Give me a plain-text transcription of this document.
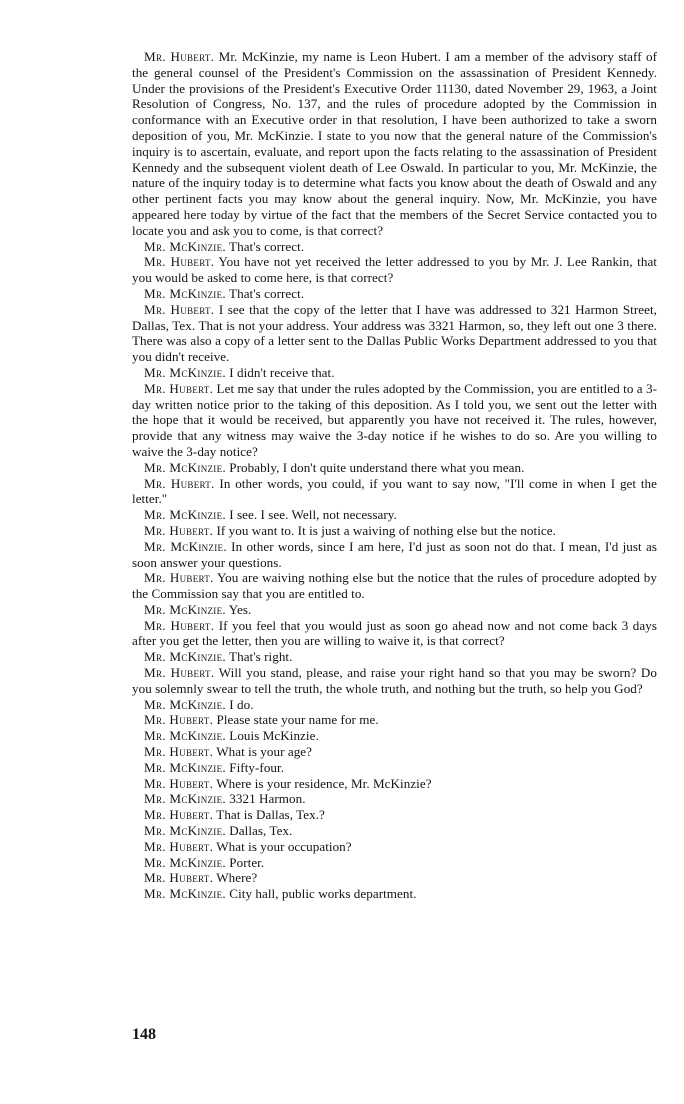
Mr. Hubert. Mr. McKinzie, my name is Leon Hubert. I am a member of the advisory staff of the general counsel of the President's Commission on the assassination of President Kennedy. Under the provisions of the President's Executive Order 11130, dated November 29, 1963, a Joint Resolution of Congress, No. 137, and the rules of procedure adopted by the Commission in conformance with an Executive order in that resolution, I have been authorized to take a sworn deposition of you, Mr. McKinzie. I state to you now that the general nature of the Commission's inquiry is to ascertain, evaluate, and report upon the facts relating to the assassination of President Kennedy and the subsequent violent death of Lee Oswald. In particular to you, Mr. McKinzie, the nature of the inquiry today is to determine what facts you know about the death of Oswald and any other pertinent facts you may know about the general inquiry. Now, Mr. McKinzie, you have appeared here today by virtue of the fact that the members of the Secret Service contacted you to locate you and ask you to come, is that correct?

Mr. McKinzie. That's correct.

Mr. Hubert. You have not yet received the letter addressed to you by Mr. J. Lee Rankin, that you would be asked to come here, is that correct?

Mr. McKinzie. That's correct.

Mr. Hubert. I see that the copy of the letter that I have was addressed to 321 Harmon Street, Dallas, Tex. That is not your address. Your address was 3321 Harmon, so, they left out one 3 there. There was also a copy of a letter sent to the Dallas Public Works Department addressed to you that you didn't receive.

Mr. McKinzie. I didn't receive that.

Mr. Hubert. Let me say that under the rules adopted by the Commission, you are entitled to a 3-day written notice prior to the taking of this deposition. As I told you, we sent out the letter with the hope that it would be received, but apparently you have not received it. The rules, however, provide that any witness may waive the 3-day notice if he wishes to do so. Are you willing to waive the 3-day notice?

Mr. McKinzie. Probably, I don't quite understand there what you mean.

Mr. Hubert. In other words, you could, if you want to say now, "I'll come in when I get the letter."

Mr. McKinzie. I see. I see. Well, not necessary.

Mr. Hubert. If you want to. It is just a waiving of nothing else but the notice.

Mr. McKinzie. In other words, since I am here, I'd just as soon not do that. I mean, I'd just as soon answer your questions.

Mr. Hubert. You are waiving nothing else but the notice that the rules of procedure adopted by the Commission say that you are entitled to.

Mr. McKinzie. Yes.

Mr. Hubert. If you feel that you would just as soon go ahead now and not come back 3 days after you get the letter, then you are willing to waive it, is that correct?

Mr. McKinzie. That's right.

Mr. Hubert. Will you stand, please, and raise your right hand so that you may be sworn? Do you solemnly swear to tell the truth, the whole truth, and nothing but the truth, so help you God?

Mr. McKinzie. I do.

Mr. Hubert. Please state your name for me.

Mr. McKinzie. Louis McKinzie.

Mr. Hubert. What is your age?

Mr. McKinzie. Fifty-four.

Mr. Hubert. Where is your residence, Mr. McKinzie?

Mr. McKinzie. 3321 Harmon.

Mr. Hubert. That is Dallas, Tex.?

Mr. McKinzie. Dallas, Tex.

Mr. Hubert. What is your occupation?

Mr. McKinzie. Porter.

Mr. Hubert. Where?

Mr. McKinzie. City hall, public works department.

148
